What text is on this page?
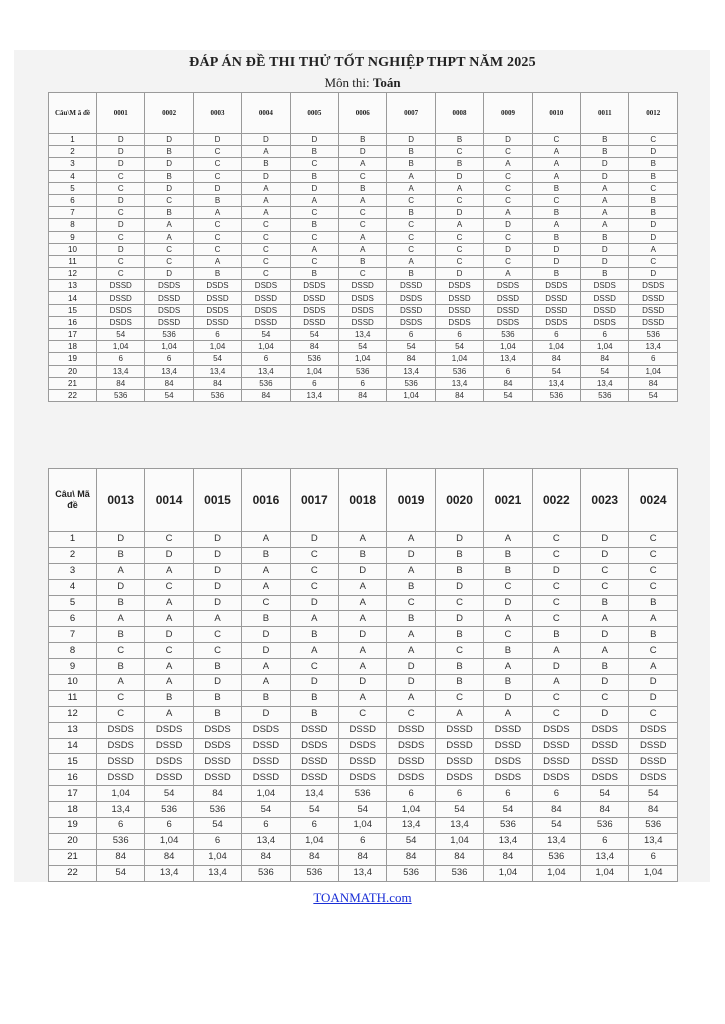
ĐÁP ÁN ĐỀ THI THỬ TỐT NGHIỆP THPT NĂM 2025
Môn thi: Toán
Câu\M ã đề	0001	0002	0003	0004	0005	0006	0007	0008	0009	0010	0011	0012
1	D	D	D	D	D	B	D	B	D	C	B	C
2	D	B	C	A	B	D	B	C	C	A	B	D
3	D	D	C	B	C	A	B	B	A	A	D	B
4	C	B	C	D	B	C	A	D	C	A	D	B
5	C	D	D	A	D	B	A	A	C	B	A	C
6	D	C	B	A	A	A	C	C	C	C	A	B
7	C	B	A	A	C	C	B	D	A	B	A	B
8	D	A	C	C	B	C	C	A	D	A	A	D
9	C	A	C	C	C	A	C	C	C	B	B	D
10	D	C	C	C	A	A	C	C	D	D	D	A
11	C	C	A	C	C	B	A	C	C	D	D	C
12	C	D	B	C	B	C	B	D	A	B	B	D
13	DSSD	DSDS	DSDS	DSDS	DSDS	DSSD	DSSD	DSDS	DSDS	DSDS	DSDS	DSDS
14	DSSD	DSSD	DSSD	DSSD	DSSD	DSDS	DSDS	DSSD	DSSD	DSSD	DSSD	DSSD
15	DSDS	DSDS	DSDS	DSDS	DSDS	DSDS	DSSD	DSSD	DSSD	DSSD	DSSD	DSSD
16	DSDS	DSSD	DSSD	DSSD	DSSD	DSSD	DSDS	DSDS	DSDS	DSDS	DSDS	DSSD
17	54	536	6	54	54	13,4	6	6	536	6	6	536
18	1,04	1,04	1,04	1,04	84	54	54	54	1,04	1,04	1,04	13,4
19	6	6	54	6	536	1,04	84	1,04	13,4	84	84	6
20	13,4	13,4	13,4	13,4	1,04	536	13,4	536	6	54	54	1,04
21	84	84	84	536	6	6	536	13,4	84	13,4	13,4	84
22	536	54	536	84	13,4	84	1,04	84	54	536	536	54
Câu\ Mã đề	0013	0014	0015	0016	0017	0018	0019	0020	0021	0022	0023	0024
1	D	C	D	A	D	A	A	D	A	C	D	C
2	B	D	D	B	C	B	D	B	B	C	D	C
3	A	A	D	A	C	D	A	B	B	D	C	C
4	D	C	D	A	C	A	B	D	C	C	C	C
5	B	A	D	C	D	A	C	C	D	C	B	B
6	A	A	A	B	A	A	B	D	A	C	A	A
7	B	D	C	D	B	D	A	B	C	B	D	B
8	C	C	C	D	A	A	A	C	B	A	A	C
9	B	A	B	A	C	A	D	B	A	D	B	A
10	A	A	D	A	D	D	D	B	B	A	D	D
11	C	B	B	B	B	A	A	C	D	C	C	D
12	C	A	B	D	B	C	C	A	A	C	D	C
13	DSDS	DSDS	DSDS	DSDS	DSSD	DSSD	DSSD	DSSD	DSSD	DSDS	DSDS	DSDS
14	DSDS	DSSD	DSDS	DSSD	DSDS	DSDS	DSDS	DSSD	DSSD	DSSD	DSSD	DSSD
15	DSSD	DSDS	DSSD	DSSD	DSSD	DSSD	DSSD	DSSD	DSDS	DSSD	DSSD	DSSD
16	DSSD	DSSD	DSSD	DSSD	DSSD	DSDS	DSDS	DSDS	DSDS	DSDS	DSDS	DSDS
17	1,04	54	84	1,04	13,4	536	6	6	6	6	54	54
18	13,4	536	536	54	54	54	1,04	54	54	84	84	84
19	6	6	54	6	6	1,04	13,4	13,4	536	54	536	536
20	536	1,04	6	13,4	1,04	6	54	1,04	13,4	13,4	6	13,4
21	84	84	1,04	84	84	84	84	84	84	536	13,4	6
22	54	13,4	13,4	536	536	13,4	536	536	1,04	1,04	1,04	1,04
TOANMATH.com
